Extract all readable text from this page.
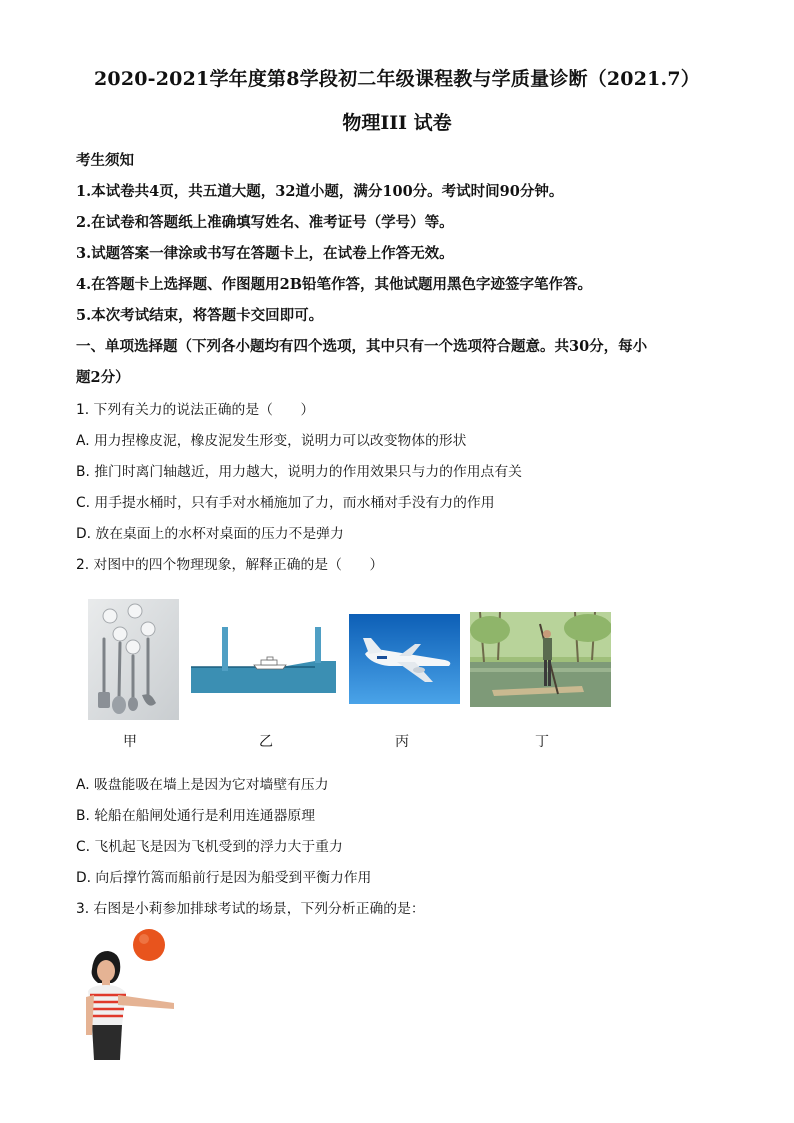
2020-2021学年度第8学段初二年级课程教与学质量诊断（2021.7）
物理III 试卷
考生须知
1.本试卷共4页，共五道大题，32道小题，满分100分。考试时间90分钟。
2.在试卷和答题纸上准确填写姓名、准考证号（学号）等。
3.试题答案一律涂或书写在答题卡上，在试卷上作答无效。
4.在答题卡上选择题、作图题用2B铅笔作答，其他试题用黑色字迹签字笔作答。
5.本次考试结束，将答题卡交回即可。
一、单项选择题（下列各小题均有四个选项，其中只有一个选项符合题意。共30分，每小
题2分）
1. 下列有关力的说法正确的是（　　）
A. 用力捏橡皮泥，橡皮泥发生形变，说明力可以改变物体的形状
B. 推门时离门轴越近，用力越大，说明力的作用效果只与力的作用点有关
C. 用手提水桶时，只有手对水桶施加了力，而水桶对手没有力的作用
D. 放在桌面上的水杯对桌面的压力不是弹力
2. 对图中的四个物理现象，解释正确的是（　　）
甲	乙	丙	丁
A. 吸盘能吸在墙上是因为它对墙壁有压力
B. 轮船在船闸处通行是利用连通器原理
C. 飞机起飞是因为飞机受到的浮力大于重力
D. 向后撑竹篙而船前行是因为船受到平衡力作用
3. 右图是小莉参加排球考试的场景，下列分析正确的是：
